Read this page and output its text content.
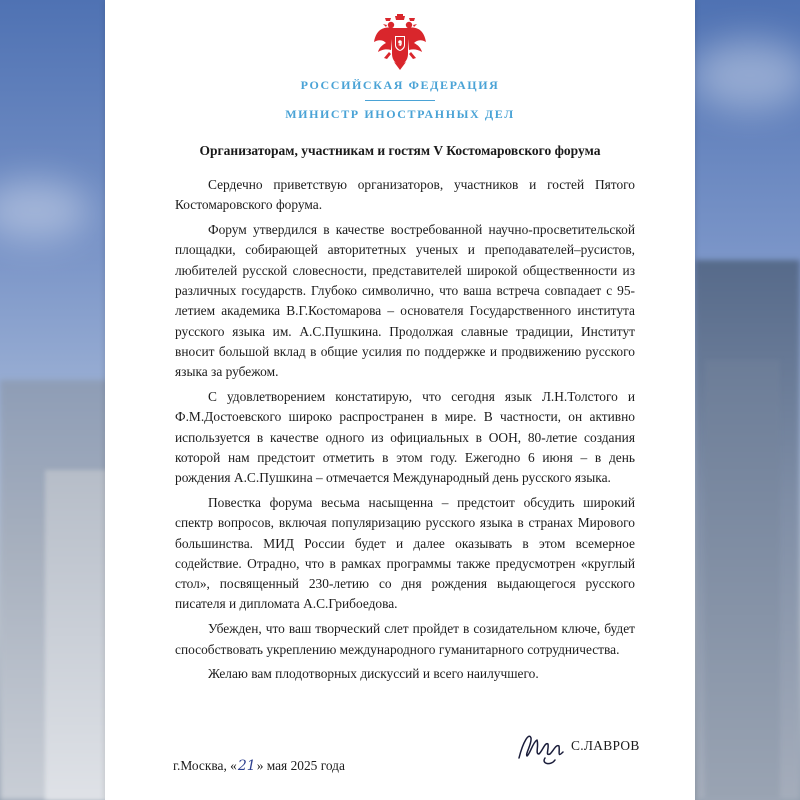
РОССИЙСКАЯ ФЕДЕРАЦИЯ
МИНИСТР ИНОСТРАННЫХ ДЕЛ
Организаторам, участникам и гостям V Костомаровского форума

Сердечно приветствую организаторов, участников и гостей Пятого Костомаровского форума.

Форум утвердился в качестве востребованной научно-просветительской площадки, собирающей авторитетных ученых и преподавателей–русистов, любителей русской словесности, представителей широкой общественности из различных государств. Глубоко символично, что ваша встреча совпадает с 95-летием академика В.Г.Костомарова – основателя Государственного института русского языка им. А.С.Пушкина. Продолжая славные традиции, Институт вносит большой вклад в общие усилия по поддержке и продвижению русского языка за рубежом.

С удовлетворением констатирую, что сегодня язык Л.Н.Толстого и Ф.М.Достоевского широко распространен в мире. В частности, он активно используется в качестве одного из официальных в ООН, 80-летие создания которой нам предстоит отметить в этом году. Ежегодно 6 июня – в день рождения А.С.Пушкина – отмечается Международный день русского языка.

Повестка форума весьма насыщенна – предстоит обсудить широкий спектр вопросов, включая популяризацию русского языка в странах Мирового большинства. МИД России будет и далее оказывать в этом всемерное содействие. Отрадно, что в рамках программы также предусмотрен «круглый стол», посвященный 230-летию со дня рождения выдающегося русского писателя и дипломата А.С.Грибоедова.

Убежден, что ваш творческий слет пройдет в созидательном ключе, будет способствовать укреплению международного гуманитарного сотрудничества.

Желаю вам плодотворных дискуссий и всего наилучшего.

С.ЛАВРОВ
г.Москва, «21» мая 2025 года
